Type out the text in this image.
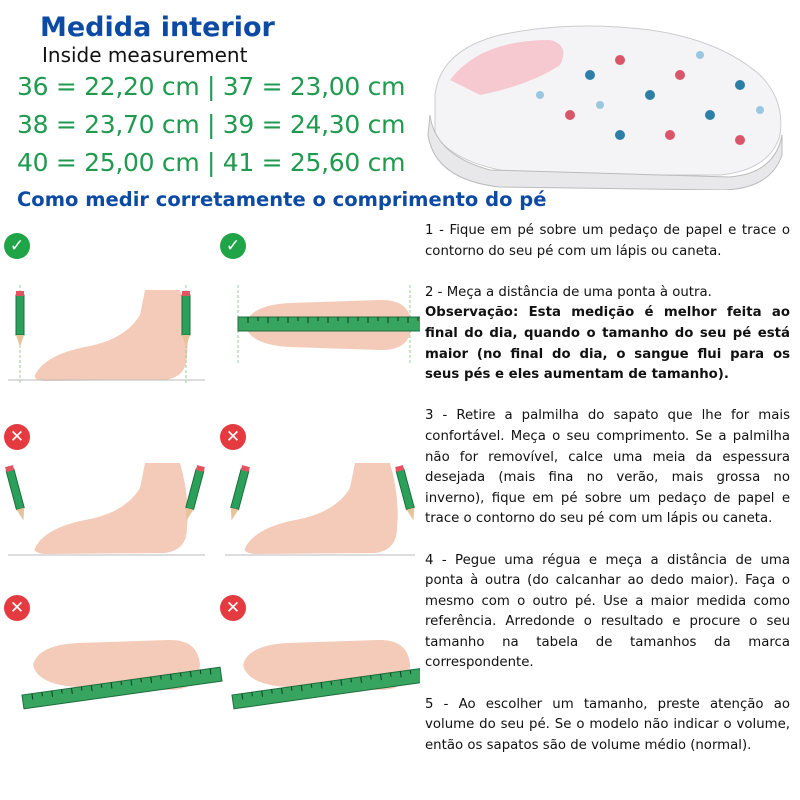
Medida interior
Inside measurement
36 = 22,20 cm | 37 = 23,00 cm
38 = 23,70 cm | 39 = 24,30 cm
40 = 25,00 cm | 41 = 25,60 cm
Como medir corretamente o comprimento do pé
✓	✓
✕	✕
✕	✕

1 - Fique em pé sobre um pedaço de papel e trace o contorno do seu pé com um lápis ou caneta.

2 - Meça a distância de uma ponta à outra.
Observação: Esta medição é melhor feita ao final do dia, quando o tamanho do seu pé está maior (no final do dia, o sangue flui para os seus pés e eles aumentam de tamanho).

3 - Retire a palmilha do sapato que lhe for mais confortável. Meça o seu comprimento. Se a palmilha não for removível, calce uma meia da espessura desejada (mais fina no verão, mais grossa no inverno), fique em pé sobre um pedaço de papel e trace o contorno do seu pé com um lápis ou caneta.

4 - Pegue uma régua e meça a distância de uma ponta à outra (do calcanhar ao dedo maior). Faça o mesmo com o outro pé. Use a maior medida como referência. Arredonde o resultado e procure o seu tamanho na tabela de tamanhos da marca correspondente.

5 - Ao escolher um tamanho, preste atenção ao volume do seu pé. Se o modelo não indicar o volume, então os sapatos são de volume médio (normal).
